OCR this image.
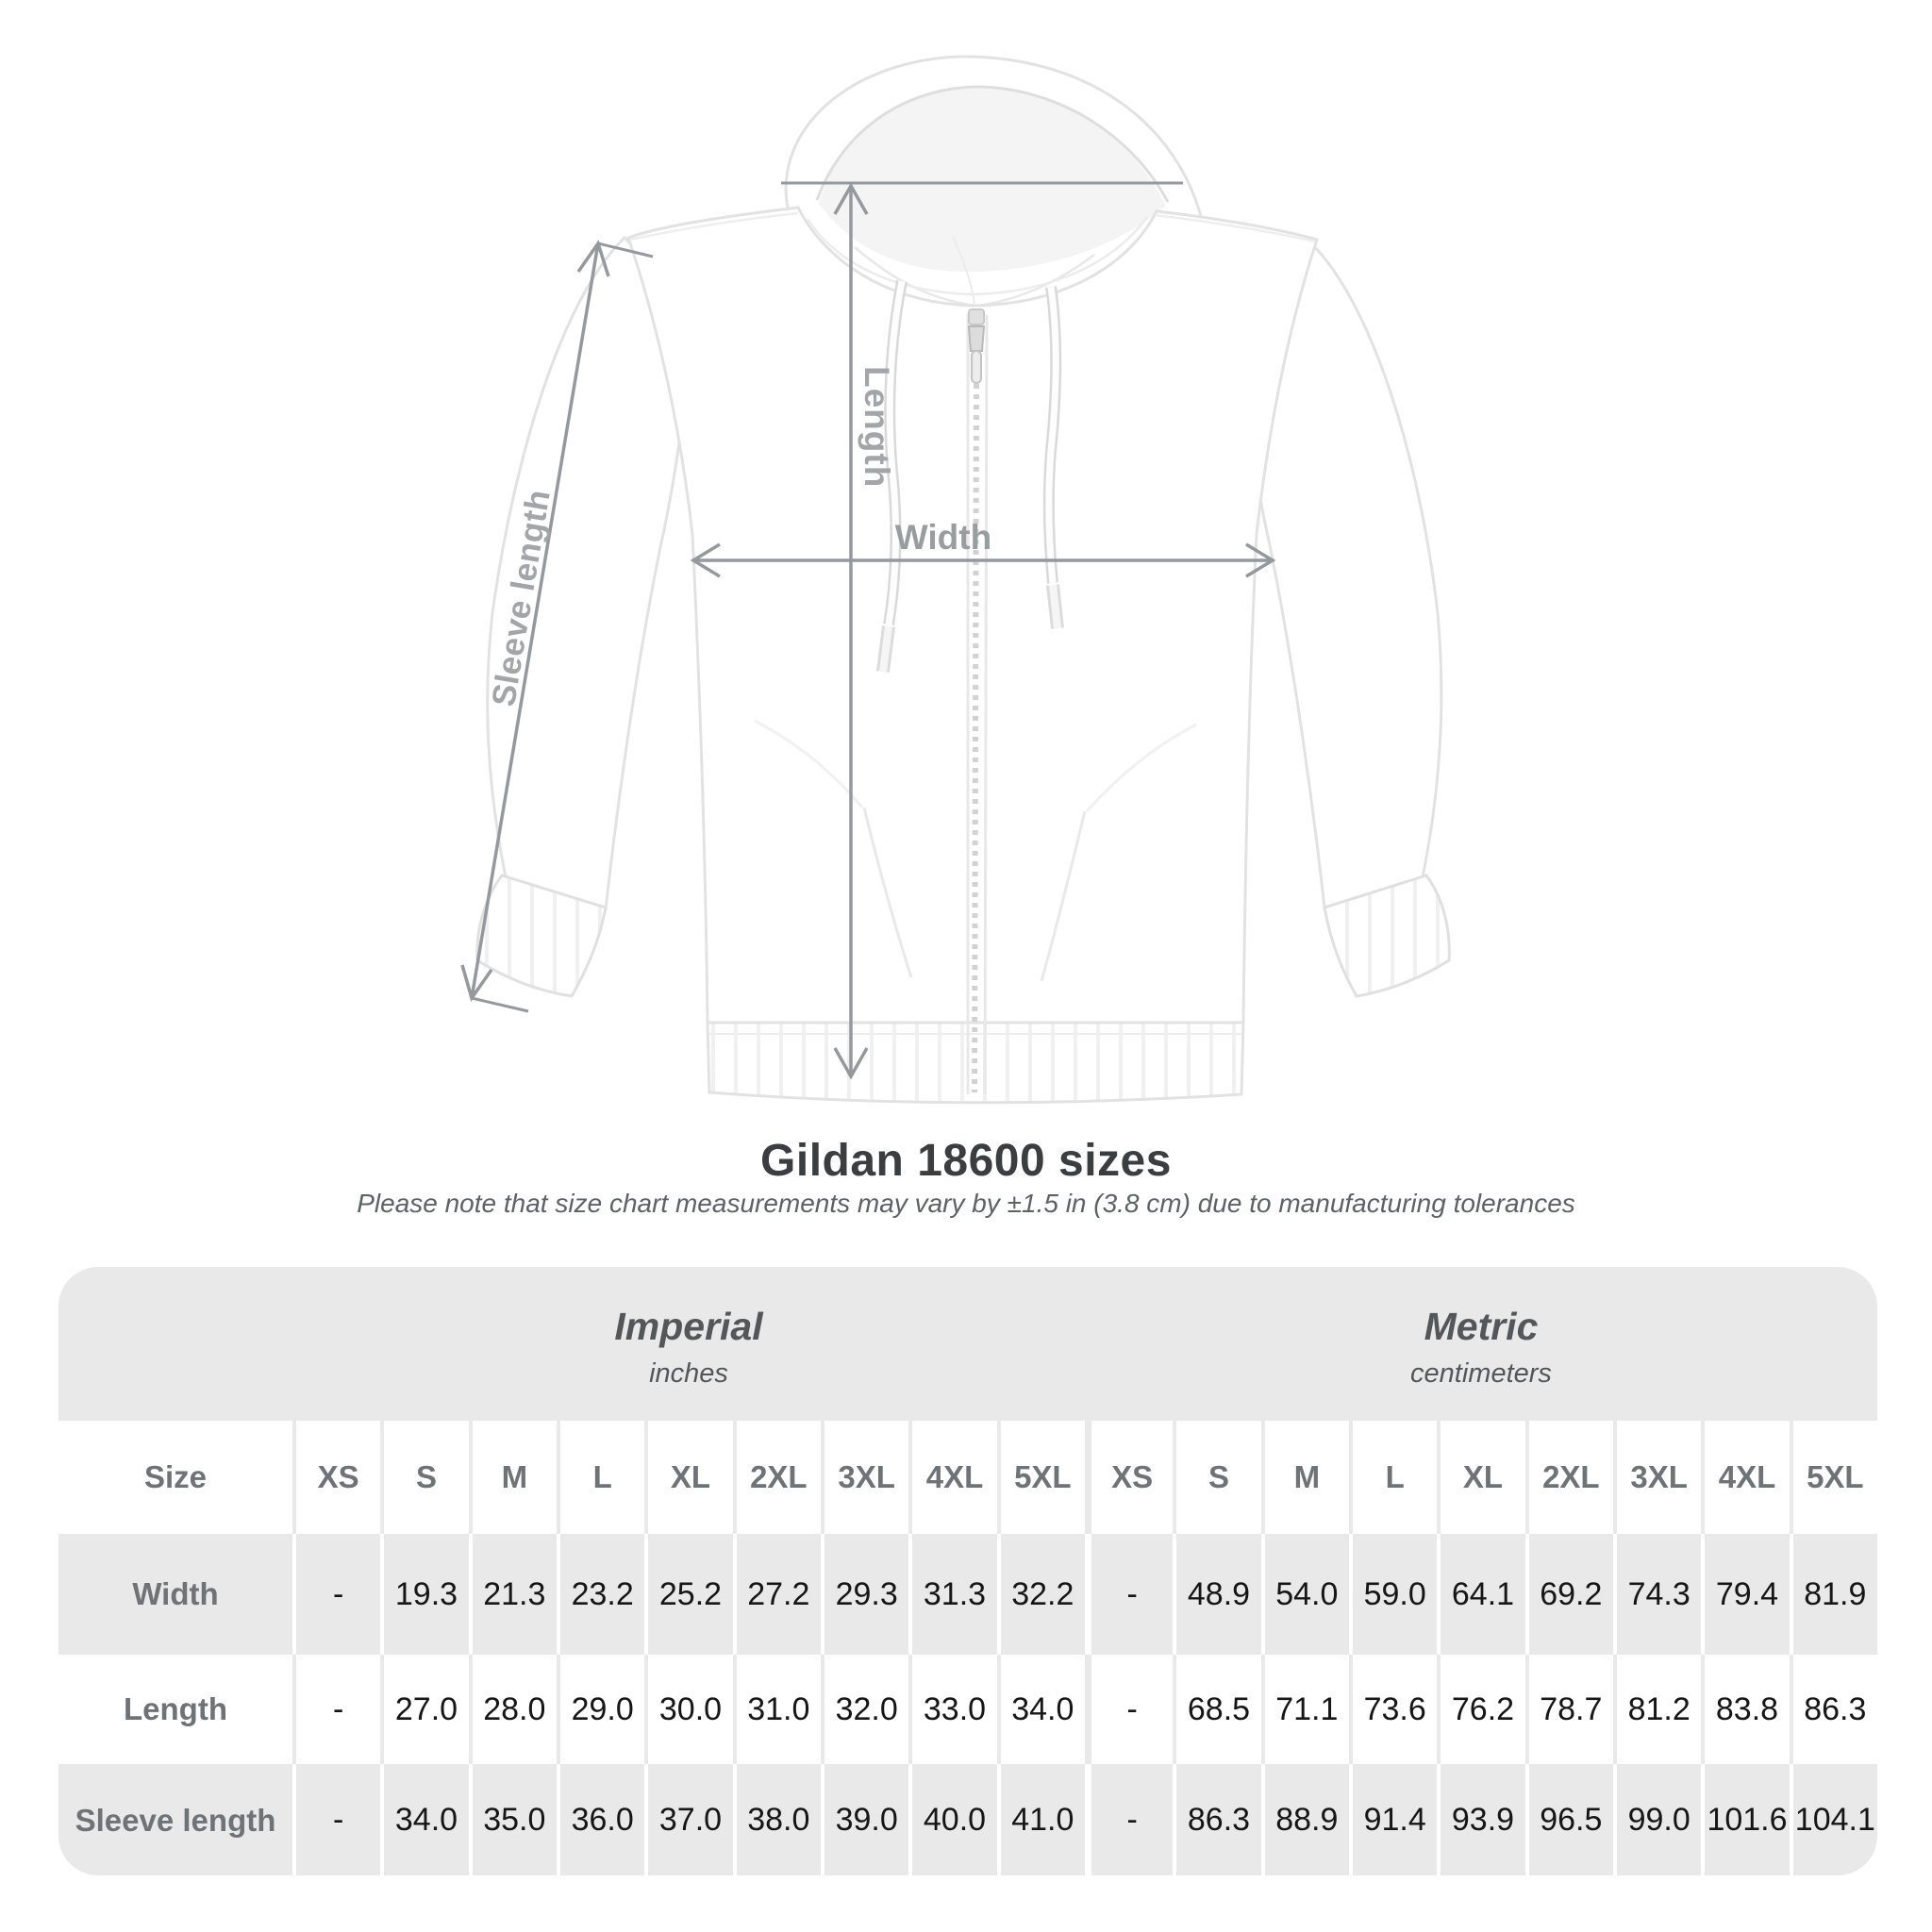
Length
Width
Sleeve length
Gildan 18600 sizes

Please note that size chart measurements may vary by ±1.5 in (3.8 cm) due to manufacturing tolerances

Imperial
inches
Metric
centimeters
Size	XS	S	M	L	XL	2XL 3XL 4XL 5XL	XS	S	M	L	XL	2XL 3XL 4XL 5XL
Width	-	19.3 21.3 23.2 25.2 27.2 29.3 31.3 32.2	-	48.9 54.0 59.0 64.1 69.2 74.3 79.4 81.9
Length	-	27.0 28.0 29.0 30.0 31.0 32.0 33.0 34.0	-	68.5 71.1 73.6 76.2 78.7 81.2 83.8 86.3
Sleeve length	-	34.0 35.0 36.0 37.0 38.0 39.0 40.0 41.0	-	86.3 88.9 91.4 93.9 96.5 99.0 101.6 104.1
